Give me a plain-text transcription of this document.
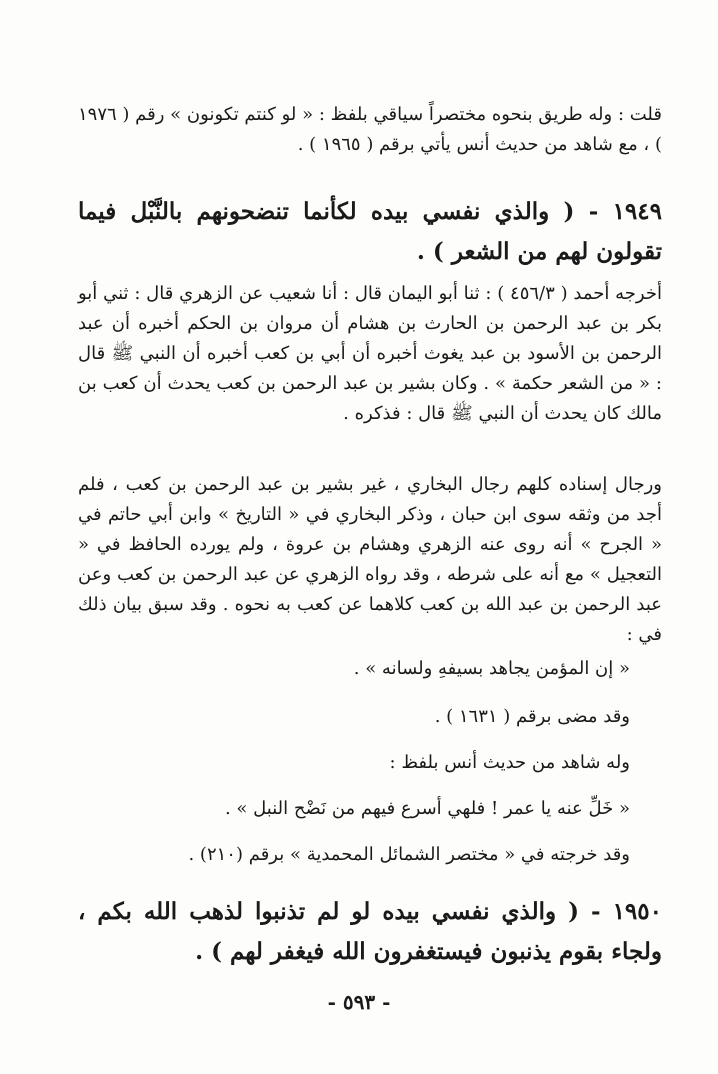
قلت : وله طريق بنحوه مختصراً سياقي بلفظ : « لو كنتم تكونون » رقم ( ١٩٧٦ ) ، مع شاهد من حديث أنس يأتي برقم ( ١٩٦٥ ) .

١٩٤٩ - ( والذي نفسي بيده لكأنما تنضحونهم بالنَّبْل فيما تقولون لهم من الشعر ) .

أخرجه أحمد ( ٤٥٦/٣ ) : ثنا أبو اليمان قال : أنا شعيب عن الزهري قال : ثني أبو بكر بن عبد الرحمن بن الحارث بن هشام أن مروان بن الحكم أخبره أن عبد الرحمن بن الأسود بن عبد يغوث أخبره أن أبي بن كعب أخبره أن النبي ﷺ قال : « من الشعر حكمة » . وكان بشير بن عبد الرحمن بن كعب يحدث أن كعب بن مالك كان يحدث أن النبي ﷺ قال : فذكره .

ورجال إسناده كلهم رجال البخاري ، غير بشير بن عبد الرحمن بن كعب ، فلم أجد من وثقه سوى ابن حبان ، وذكر البخاري في « التاريخ » وابن أبي حاتم في « الجرح » أنه روى عنه الزهري وهشام بن عروة ، ولم يورده الحافظ في « التعجيل » مع أنه على شرطه ، وقد رواه الزهري عن عبد الرحمن بن كعب وعن عبد الرحمن بن عبد الله بن كعب كلاهما عن كعب به نحوه . وقد سبق بيان ذلك في :

« إن المؤمن يجاهد بسيفهِ ولسانه » .
وقد مضى برقم ( ١٦٣١ ) .
وله شاهد من حديث أنس بلفظ :
« خَلِّ عنه يا عمر ! فلهي أسرع فيهم من نَضْح النبل » .
وقد خرجته في « مختصر الشمائل المحمدية » برقم (٢١٠) .

١٩٥٠ - ( والذي نفسي بيده لو لم تذنبوا لذهب الله بكم ، ولجاء بقوم يذنبون فيستغفرون الله فيغفر لهم ) .

- ٥٩٣ -
